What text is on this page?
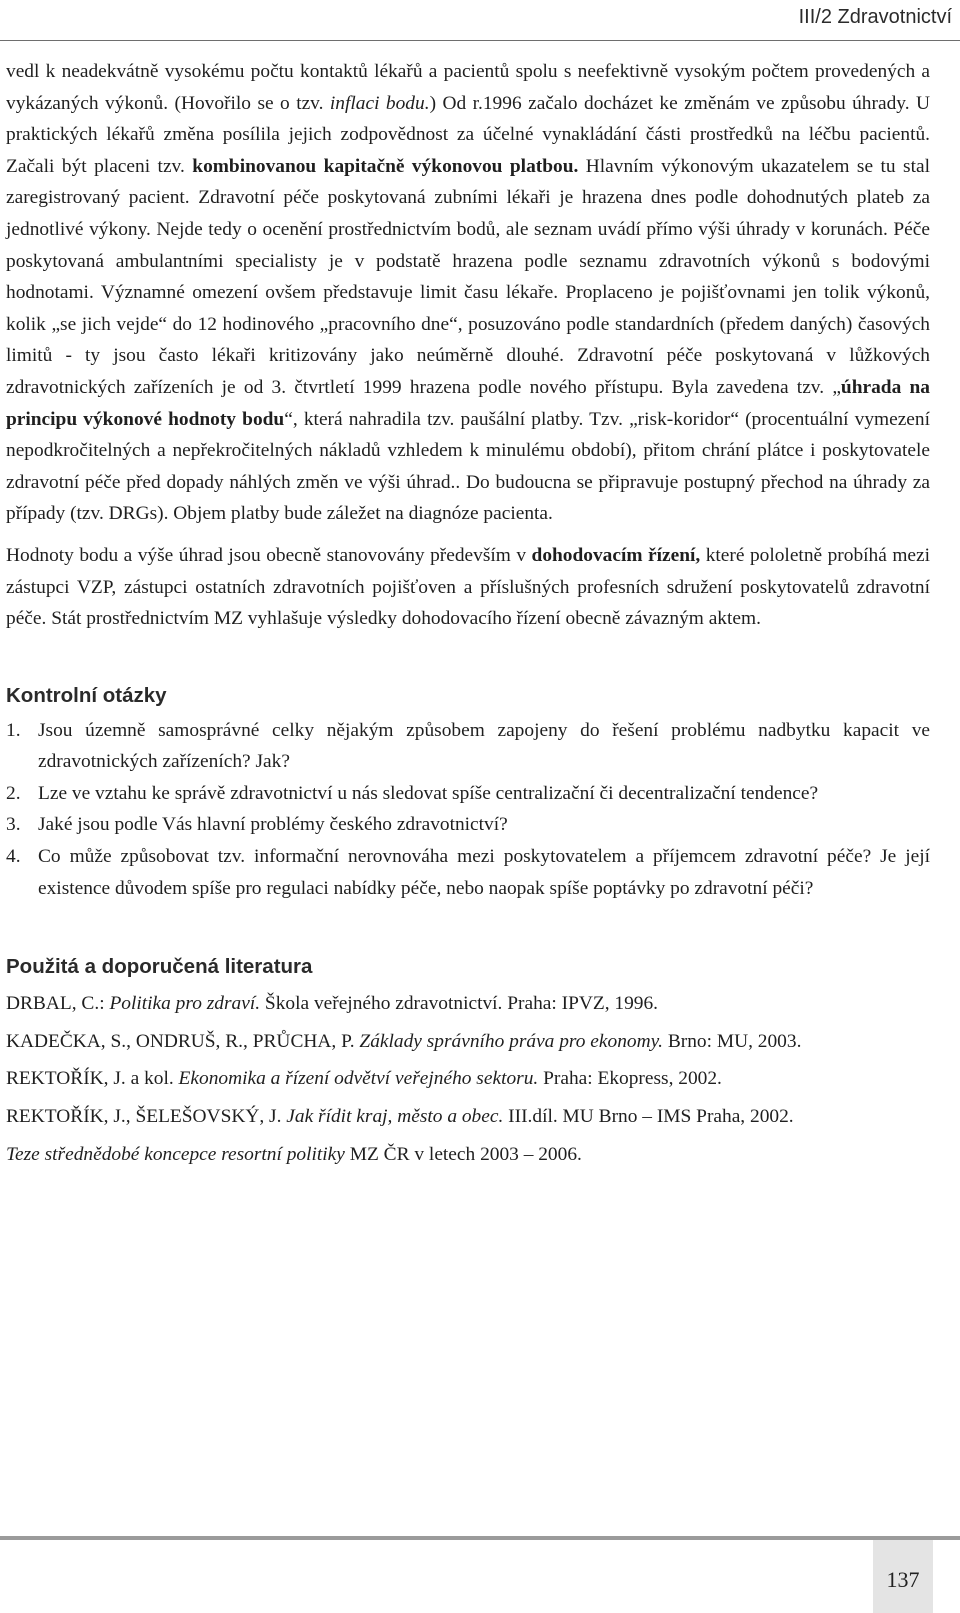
III/2 Zdravotnictví

vedl k neadekvátně vysokému počtu kontaktů lékařů a pacientů spolu s neefektivně vysokým počtem provedených a vykázaných výkonů. (Hovořilo se o tzv. inflaci bodu.) Od r.1996 začalo docházet ke změnám ve způsobu úhrady. U praktických lékařů změna posílila jejich zodpovědnost za účelné vynakládání části prostředků na léčbu pacientů. Začali být placeni tzv. kombinovanou kapitačně výkonovou platbou. Hlavním výkonovým ukazatelem se tu stal zaregistrovaný pacient. Zdravotní péče poskytovaná zubními lékaři je hrazena dnes podle dohodnutých plateb za jednotlivé výkony. Nejde tedy o ocenění prostřednictvím bodů, ale seznam uvádí přímo výši úhrady v korunách. Péče poskytovaná ambulantními specialisty je v podstatě hrazena podle seznamu zdravotních výkonů s bodovými hodnotami. Významné omezení ovšem představuje limit času lékaře. Proplaceno je pojišťovnami jen tolik výkonů, kolik „se jich vejde“ do 12 hodinového „pracovního dne“, posuzováno podle standardních (předem daných) časových limitů - ty jsou často lékaři kritizovány jako neúměrně dlouhé. Zdravotní péče poskytovaná v lůžkových zdravotnických zařízeních je od 3. čtvrtletí 1999 hrazena podle nového přístupu. Byla zavedena tzv. „úhrada na principu výkonové hodnoty bodu“, která nahradila tzv. paušální platby. Tzv. „risk-koridor“ (procentuální vymezení nepodkročitelných a nepřekročitelných nákladů vzhledem k minulému období), přitom chrání plátce i poskytovatele zdravotní péče před dopady náhlých změn ve výši úhrad.. Do budoucna se připravuje postupný přechod na úhrady za případy (tzv. DRGs). Objem platby bude záležet na diagnóze pacienta.

Hodnoty bodu a výše úhrad jsou obecně stanovovány především v dohodovacím řízení, které pololetně probíhá mezi zástupci VZP, zástupci ostatních zdravotních pojišťoven a příslušných profesních sdružení poskytovatelů zdravotní péče. Stát prostřednictvím MZ vyhlašuje výsledky dohodovacího řízení obecně závazným aktem.

Kontrolní otázky
1. Jsou územně samosprávné celky nějakým způsobem zapojeny do řešení problému nadbytku kapacit ve zdravotnických zařízeních? Jak?
2. Lze ve vztahu ke správě zdravotnictví u nás sledovat spíše centralizační či decentralizační tendence?
3. Jaké jsou podle Vás hlavní problémy českého zdravotnictví?
4. Co může způsobovat tzv. informační nerovnováha mezi poskytovatelem a příjemcem zdravotní péče? Je její existence důvodem spíše pro regulaci nabídky péče, nebo naopak spíše poptávky po zdravotní péči?
Použitá a doporučená literatura
DRBAL, C.: Politika pro zdraví. Škola veřejného zdravotnictví. Praha: IPVZ, 1996.
KADEČKA, S., ONDRUŠ, R., PRŮCHA, P. Základy správního práva pro ekonomy. Brno: MU, 2003.
REKTOŘÍK, J. a kol. Ekonomika a řízení odvětví veřejného sektoru. Praha: Ekopress, 2002.
REKTOŘÍK, J., ŠELEŠOVSKÝ, J. Jak řídit kraj, město a obec. III.díl. MU Brno – IMS Praha, 2002.
Teze střednědobé koncepce resortní politiky MZ ČR v letech 2003 – 2006.
137
